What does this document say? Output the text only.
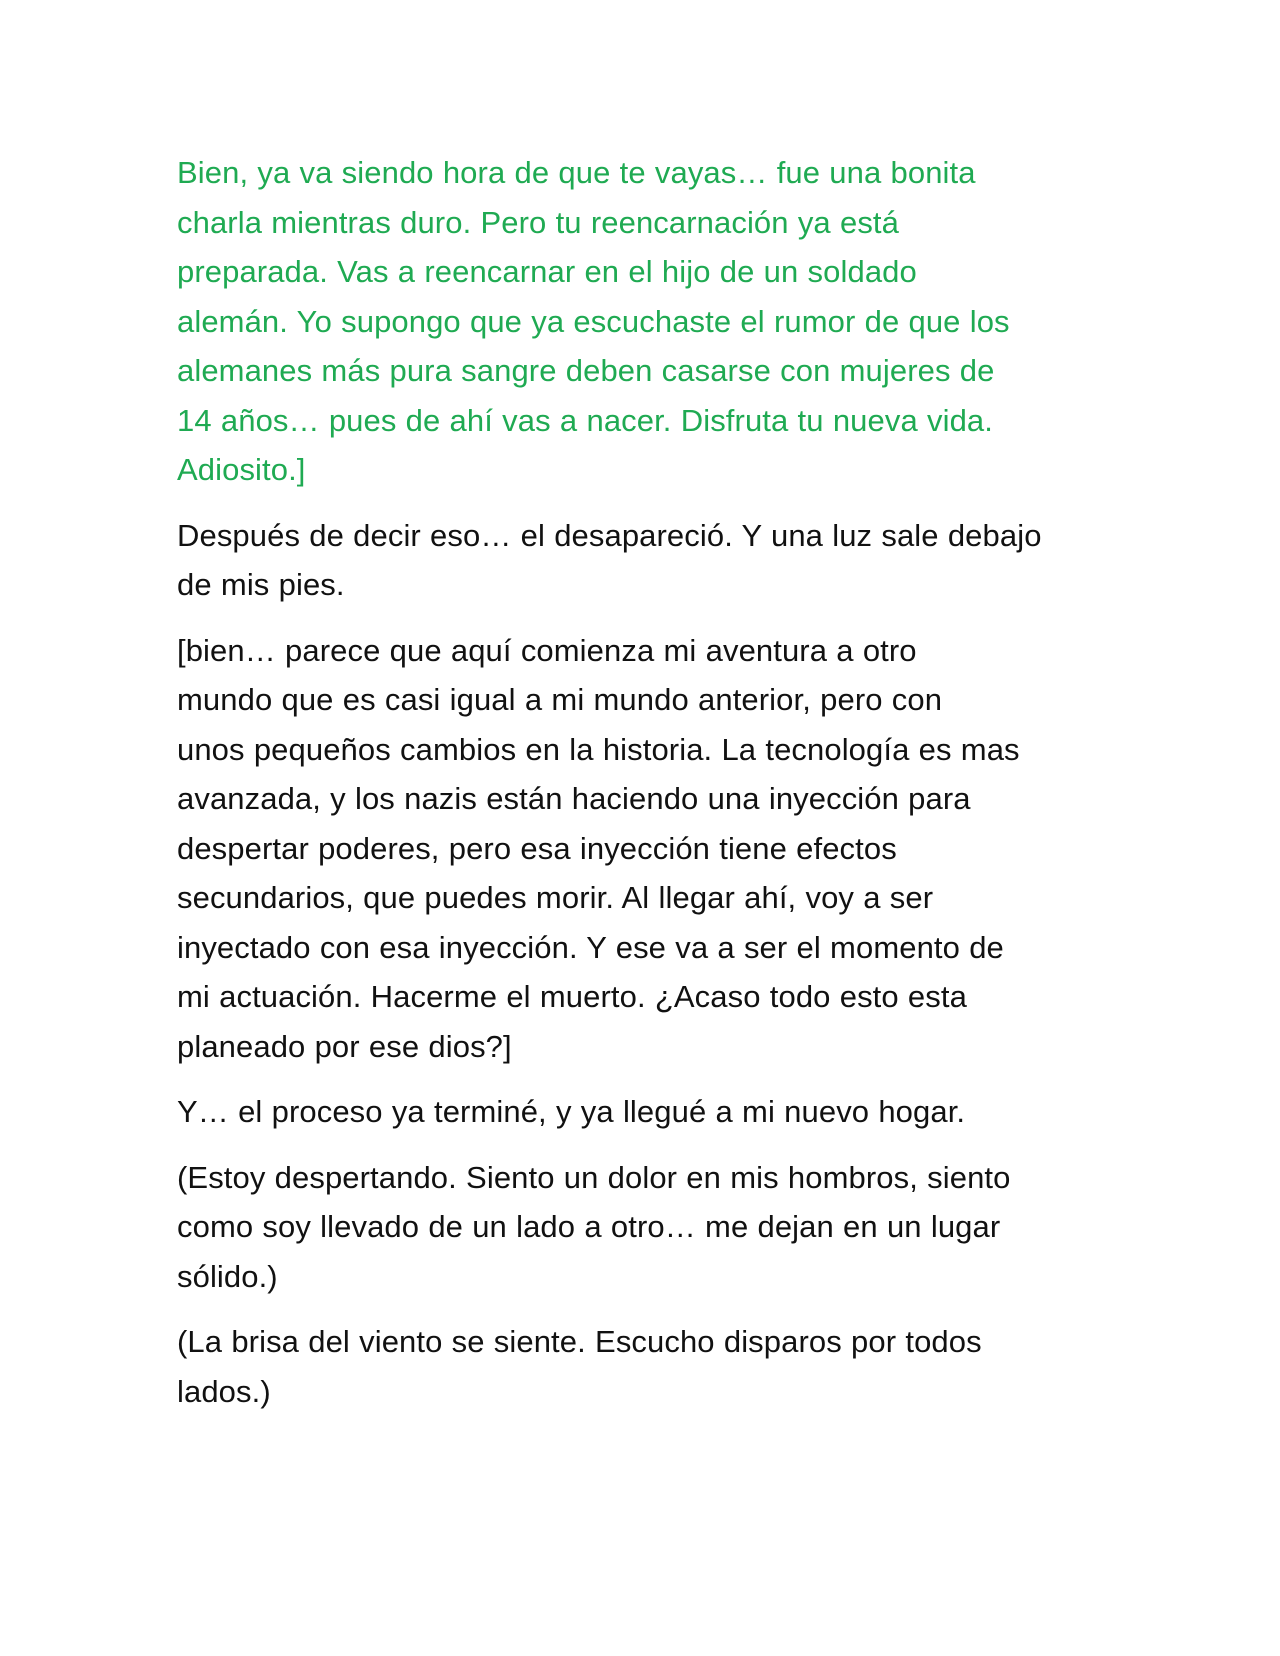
Bien, ya va siendo hora de que te vayas… fue una bonita
charla mientras duro. Pero tu reencarnación ya está
preparada. Vas a reencarnar en el hijo de un soldado
alemán. Yo supongo que ya escuchaste el rumor de que los
alemanes más pura sangre deben casarse con mujeres de
14 años… pues de ahí vas a nacer. Disfruta tu nueva vida.
Adiosito.]

Después de decir eso… el desapareció. Y una luz sale debajo
de mis pies.

[bien… parece que aquí comienza mi aventura a otro
mundo que es casi igual a mi mundo anterior, pero con
unos pequeños cambios en la historia. La tecnología es mas
avanzada, y los nazis están haciendo una inyección para
despertar poderes, pero esa inyección tiene efectos
secundarios, que puedes morir. Al llegar ahí, voy a ser
inyectado con esa inyección. Y ese va a ser el momento de
mi actuación. Hacerme el muerto. ¿Acaso todo esto esta
planeado por ese dios?]

Y… el proceso ya terminé, y ya llegué a mi nuevo hogar.

(Estoy despertando. Siento un dolor en mis hombros, siento
como soy llevado de un lado a otro… me dejan en un lugar
sólido.)

(La brisa del viento se siente. Escucho disparos por todos
lados.)
